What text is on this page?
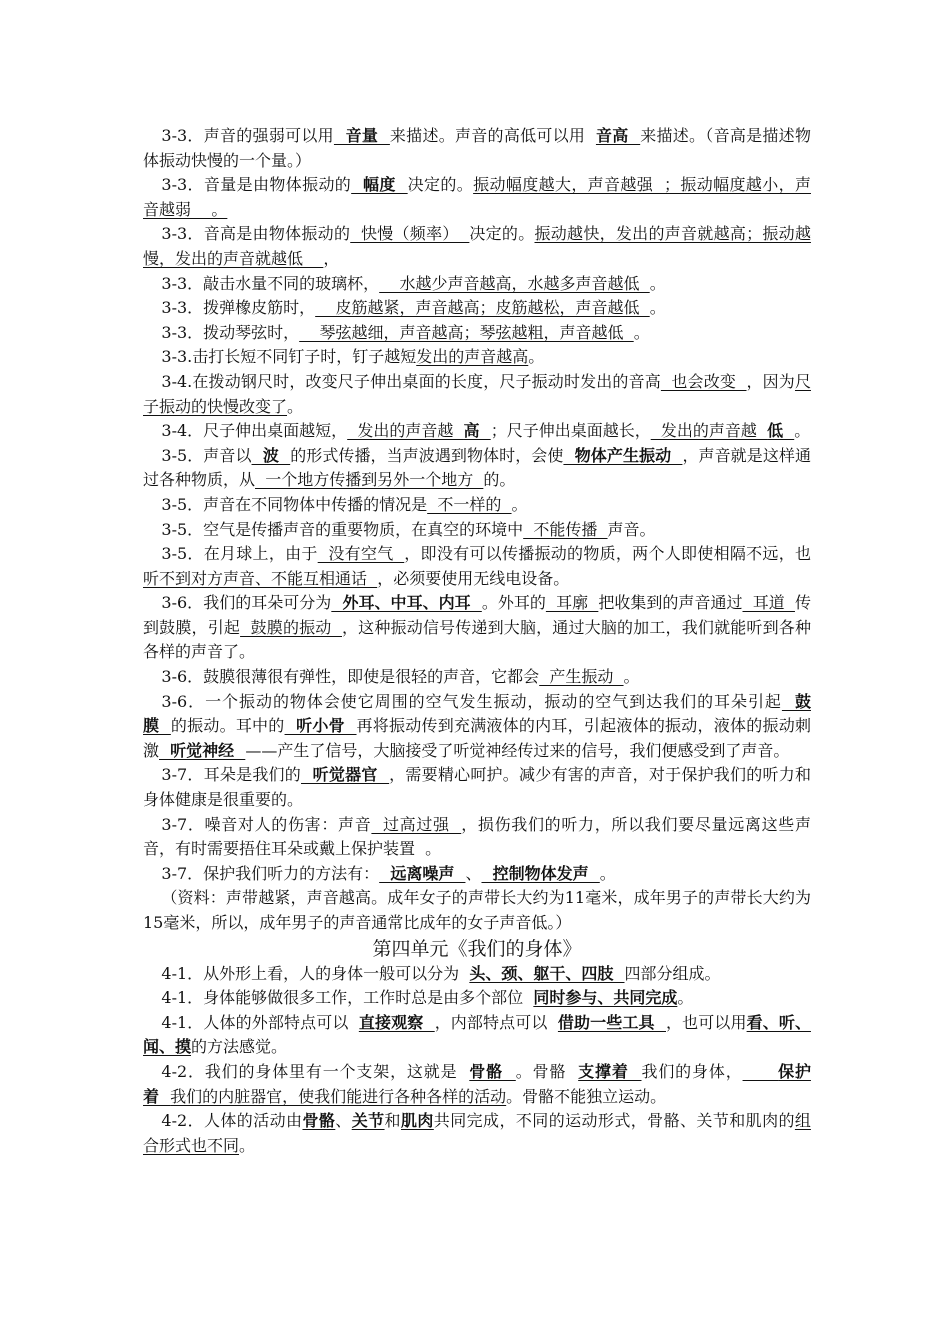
3-3．声音的强弱可以用  音量  来描述。声音的高低可以用  音高  来描述。（音高是描述物体振动快慢的一个量。）

3-3．音量是由物体振动的  幅度  决定的。振动幅度越大，声音越强  ；振动幅度越小，声音越弱    。

3-3．音高是由物体振动的  快慢（频率）  决定的。振动越快，发出的声音就越高；振动越慢，发出的声音就越低    ，

3-3．敲击水量不同的玻璃杯，    水越少声音越高，水越多声音越低  。

3-3．拨弹橡皮筋时，    皮筋越紧，声音越高；皮筋越松，声音越低  。

3-3．拨动琴弦时，    琴弦越细，声音越高；琴弦越粗，声音越低  。

3-3.击打长短不同钉子时，钉子越短发出的声音越高。

3-4.在拨动钢尺时，改变尺子伸出桌面的长度，尺子振动时发出的音高  也会改变  ，因为尺子振动的快慢改变了。

3-4．尺子伸出桌面越短，  发出的声音越  高  ；尺子伸出桌面越长，  发出的声音越  低  。

3-5．声音以  波  的形式传播，当声波遇到物体时，会使  物体产生振动  ，声音就是这样通过各种物质，从  一个地方传播到另外一个地方  的。

3-5．声音在不同物体中传播的情况是  不一样的  。

3-5．空气是传播声音的重要物质，在真空的环境中  不能传播  声音。

3-5．在月球上，由于  没有空气  ，即没有可以传播振动的物质，两个人即使相隔不远，也听不到对方声音、不能互相通话  ，必须要使用无线电设备。

3-6．我们的耳朵可分为  外耳、中耳、内耳  。外耳的  耳廓  把收集到的声音通过  耳道  传到鼓膜，引起  鼓膜的振动  ，这种振动信号传递到大脑，通过大脑的加工，我们就能听到各种各样的声音了。

3-6．鼓膜很薄很有弹性，即使是很轻的声音，它都会  产生振动  。

3-6．一个振动的物体会使它周围的空气发生振动，振动的空气到达我们的耳朵引起  鼓膜  的振动。耳中的  听小骨  再将振动传到充满液体的内耳，引起液体的振动，液体的振动刺激  听觉神经  ——产生了信号，大脑接受了听觉神经传过来的信号，我们便感受到了声音。

3-7．耳朵是我们的  听觉器官  ，需要精心呵护。减少有害的声音，对于保护我们的听力和身体健康是很重要的。

3-7．噪音对人的伤害：声音  过高过强  ，损伤我们的听力，所以我们要尽量远离这些声音，有时需要捂住耳朵或戴上保护装置  。

3-7．保护我们听力的方法有：  远离噪声  、  控制物体发声  。

（资料：声带越紧，声音越高。成年女子的声带长大约为11毫米，成年男子的声带长大约为15毫米，所以，成年男子的声音通常比成年的女子声音低。）

第四单元《我们的身体》

4-1．从外形上看，人的身体一般可以分为  头、颈、躯干、四肢  四部分组成。

4-1．身体能够做很多工作，工作时总是由多个部位  同时参与、共同完成。

4-1．人体的外部特点可以  直接观察  ，内部特点可以  借助一些工具  ，也可以用看、听、闻、摸的方法感觉。

4-2．我们的身体里有一个支架，这就是  骨骼  。骨骼  支撑着  我们的身体， 保护着  我们的内脏器官，使我们能进行各种各样的活动。骨骼不能独立运动。

4-2．人体的活动由骨骼、关节和肌肉共同完成，不同的运动形式，骨骼、关节和肌肉的组合形式也不同。
